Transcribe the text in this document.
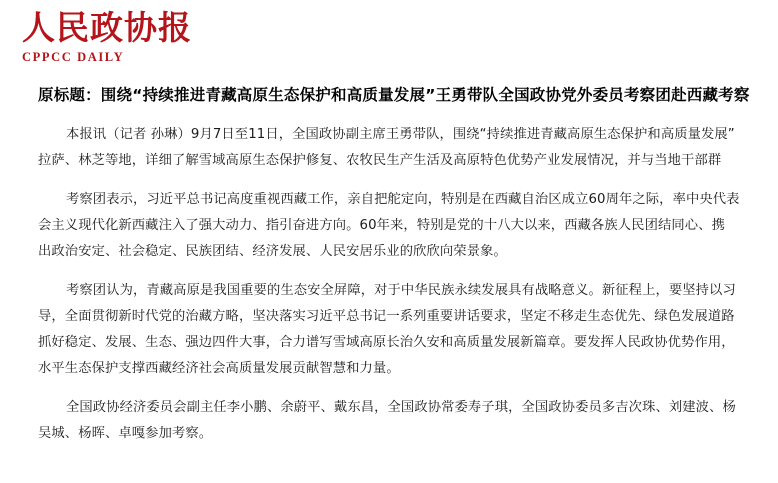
人民政协报
CPPCC DAILY
原标题：围绕“持续推进青藏高原生态保护和高质量发展”王勇带队全国政协党外委员考察团赴西藏考察
本报讯（记者 孙琳）9月7日至11日，全国政协副主席王勇带队，围绕“持续推进青藏高原生态保护和高质量发展”
拉萨、林芝等地，详细了解雪域高原生态保护修复、农牧民生产生活及高原特色优势产业发展情况，并与当地干部群
考察团表示，习近平总书记高度重视西藏工作，亲自把舵定向，特别是在西藏自治区成立60周年之际，率中央代表
会主义现代化新西藏注入了强大动力、指引奋进方向。60年来，特别是党的十八大以来，西藏各族人民团结同心、携
出政治安定、社会稳定、民族团结、经济发展、人民安居乐业的欣欣向荣景象。
考察团认为，青藏高原是我国重要的生态安全屏障，对于中华民族永续发展具有战略意义。新征程上，要坚持以习
导，全面贯彻新时代党的治藏方略，坚决落实习近平总书记一系列重要讲话要求，坚定不移走生态优先、绿色发展道路
抓好稳定、发展、生态、强边四件大事，合力谱写雪域高原长治久安和高质量发展新篇章。要发挥人民政协优势作用，
水平生态保护支撑西藏经济社会高质量发展贡献智慧和力量。
全国政协经济委员会副主任李小鹏、余蔚平、戴东昌，全国政协常委寿子琪，全国政协委员多吉次珠、刘建波、杨
吴城、杨晖、卓嘎参加考察。
